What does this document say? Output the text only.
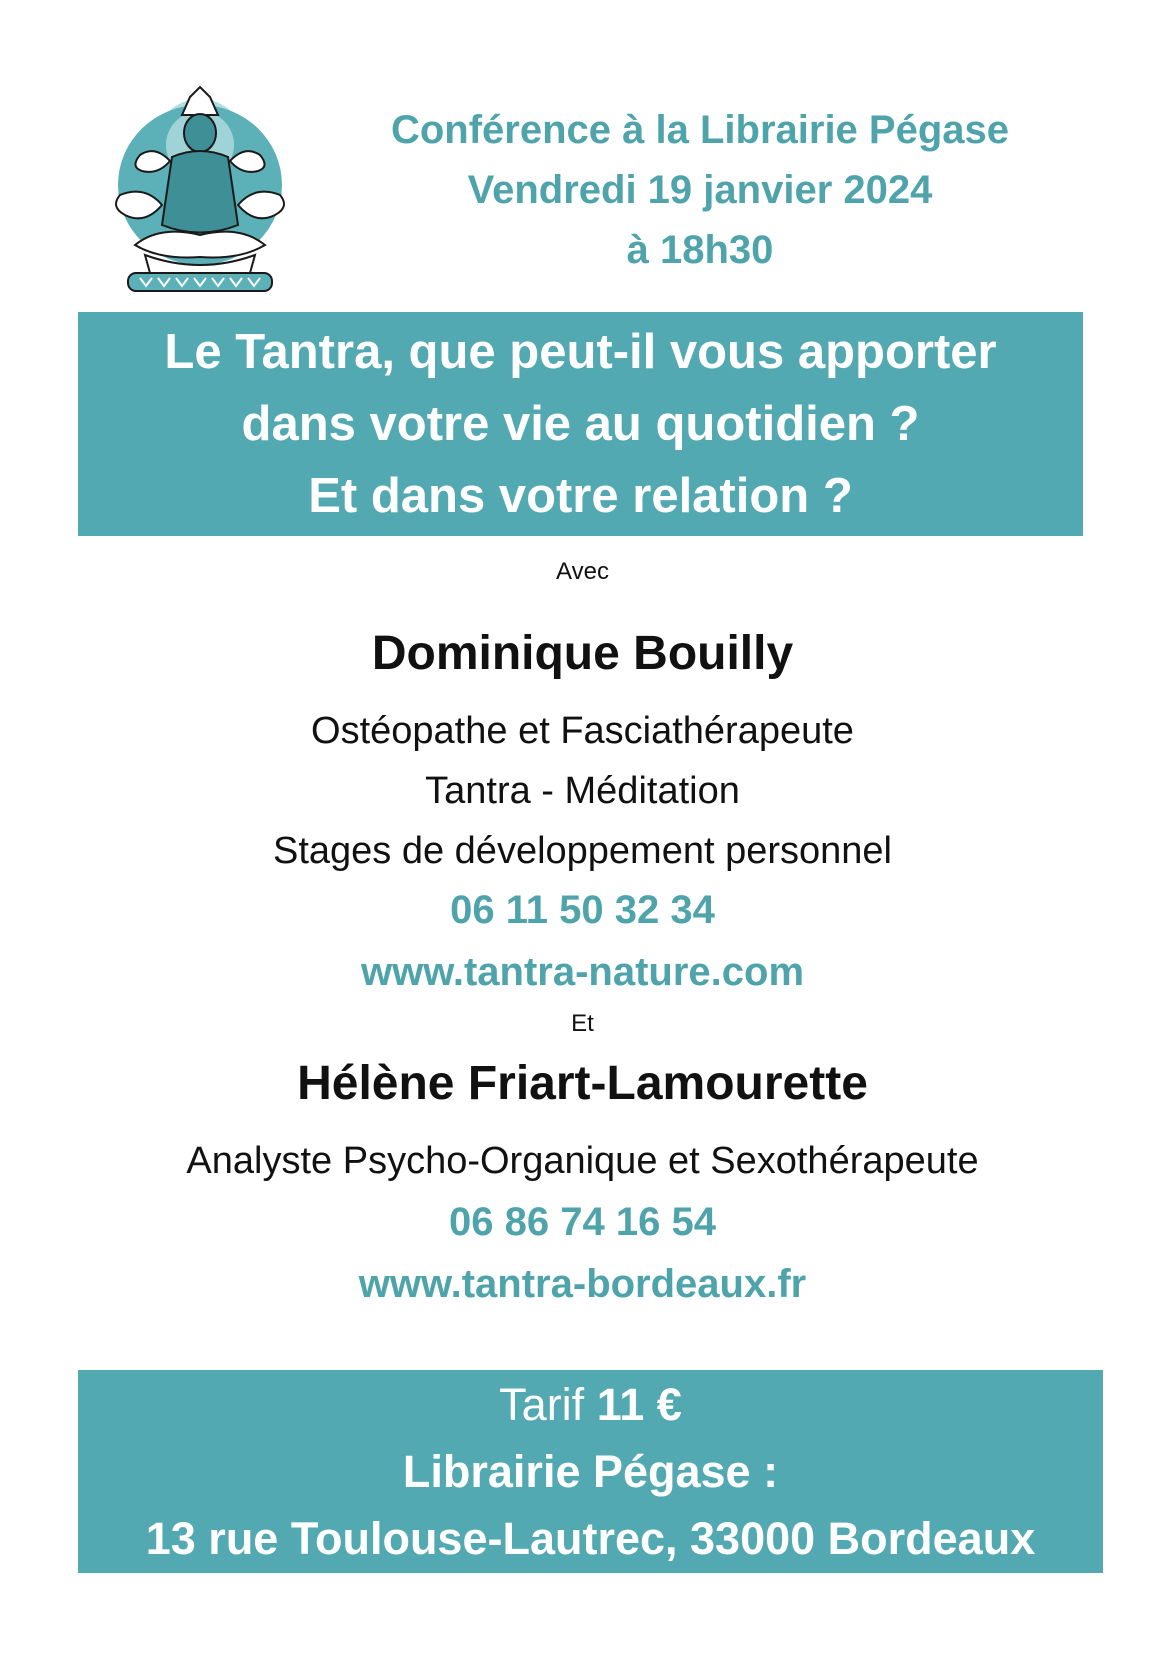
Conférence à la Librairie Pégase
Vendredi 19 janvier 2024
à 18h30
Le Tantra, que peut-il vous apporter
dans votre vie au quotidien ?
Et dans votre relation ?
Avec
Dominique Bouilly
Ostéopathe et Fasciathérapeute
Tantra - Méditation
Stages de développement personnel
06 11 50 32 34
www.tantra-nature.com
Et
Hélène Friart-Lamourette
Analyste Psycho-Organique et Sexothérapeute
06 86 74 16 54
www.tantra-bordeaux.fr
Tarif 11 €
Librairie Pégase :
13 rue Toulouse-Lautrec, 33000 Bordeaux
